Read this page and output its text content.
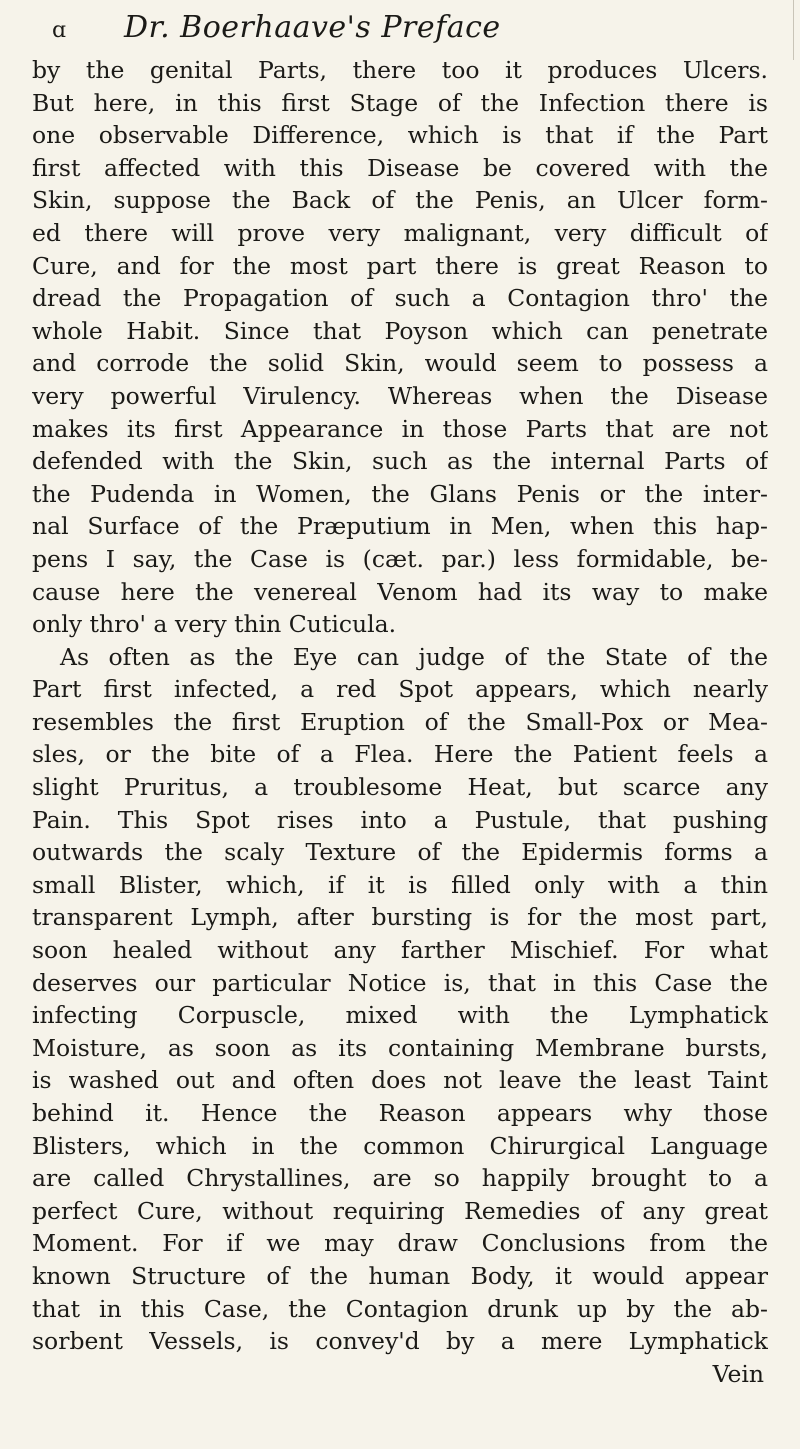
ɑ	Dr. Boerhaave's Preface
by the genital Parts, there too it produces Ulcers.
But here, in this first Stage of the Infection there is
one observable Difference, which is that if the Part
first affected with this Disease be covered with the
Skin, suppose the Back of the Penis, an Ulcer form-
ed there will prove very malignant, very difficult of
Cure, and for the most part there is great Reason to
dread the Propagation of such a Contagion thro' the
whole Habit. Since that Poyson which can penetrate
and corrode the solid Skin, would seem to possess a
very powerful Virulency. Whereas when the Disease
makes its first Appearance in those Parts that are not
defended with the Skin, such as the internal Parts of
the Pudenda in Women, the Glans Penis or the inter-
nal Surface of the Præputium in Men, when this hap-
pens I say, the Case is (cæt. par.) less formidable, be-
cause here the venereal Venom had its way to make
only thro' a very thin Cuticula.
As often as the Eye can judge of the State of the
Part first infected, a red Spot appears, which nearly
resembles the first Eruption of the Small-Pox or Mea-
sles, or the bite of a Flea. Here the Patient feels a
slight Pruritus, a troublesome Heat, but scarce any
Pain. This Spot rises into a Pustule, that pushing
outwards the scaly Texture of the Epidermis forms a
small Blister, which, if it is filled only with a thin
transparent Lymph, after bursting is for the most part,
soon healed without any farther Mischief. For what
deserves our particular Notice is, that in this Case the
infecting Corpuscle, mixed with the Lymphatick
Moisture, as soon as its containing Membrane bursts,
is washed out and often does not leave the least Taint
behind it. Hence the Reason appears why those
Blisters, which in the common Chirurgical Language
are called Chrystallines, are so happily brought to a
perfect Cure, without requiring Remedies of any great
Moment. For if we may draw Conclusions from the
known Structure of the human Body, it would appear
that in this Case, the Contagion drunk up by the ab-
sorbent Vessels, is convey'd by a mere Lymphatick
Vein
